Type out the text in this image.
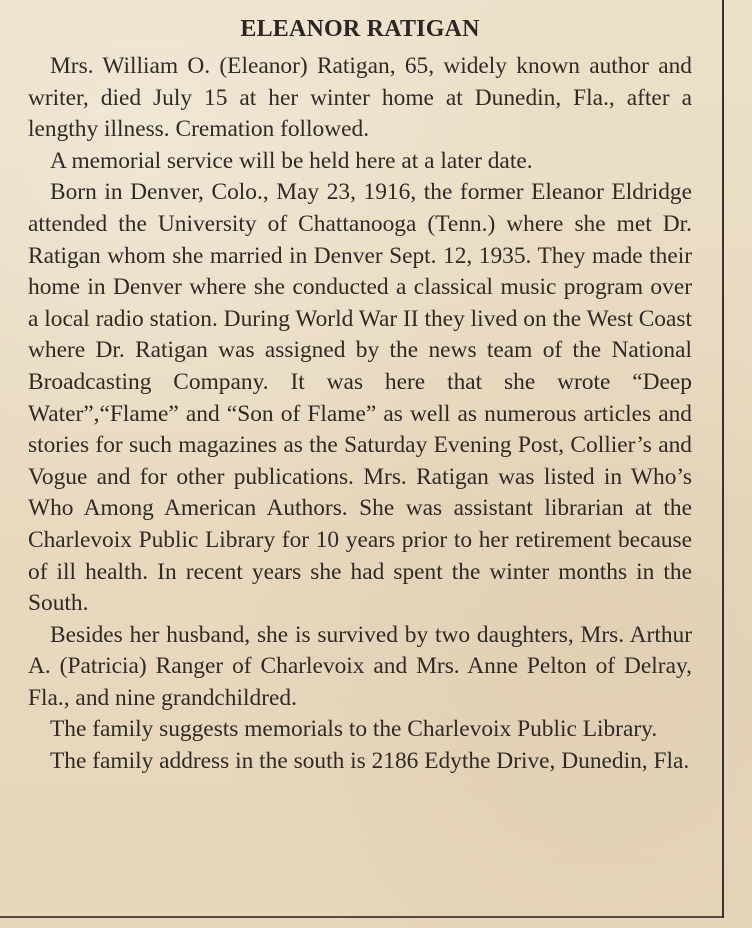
ELEANOR RATIGAN

Mrs. William O. (Eleanor) Ratigan, 65, widely known author and writer, died July 15 at her winter home at Dunedin, Fla., after a lengthy illness. Cremation followed.

A memorial service will be held here at a later date.

Born in Denver, Colo., May 23, 1916, the former Eleanor Eldridge attended the University of Chattanooga (Tenn.) where she met Dr. Ratigan whom she married in Denver Sept. 12, 1935. They made their home in Denver where she conducted a classical music program over a local radio station. During World War II they lived on the West Coast where Dr. Ratigan was assigned by the news team of the National Broadcasting Company. It was here that she wrote “Deep Water”,“Flame” and “Son of Flame” as well as numerous articles and stories for such magazines as the Saturday Evening Post, Collier’s and Vogue and for other publications. Mrs. Ratigan was listed in Who’s Who Among American Authors. She was assistant librarian at the Charlevoix Public Library for 10 years prior to her retirement because of ill health. In recent years she had spent the winter months in the South.

Besides her husband, she is survived by two daughters, Mrs. Arthur A. (Patricia) Ranger of Charlevoix and Mrs. Anne Pelton of Delray, Fla., and nine grandchildred.

The family suggests memorials to the Charlevoix Public Library.

The family address in the south is 2186 Edythe Drive, Dunedin, Fla.
